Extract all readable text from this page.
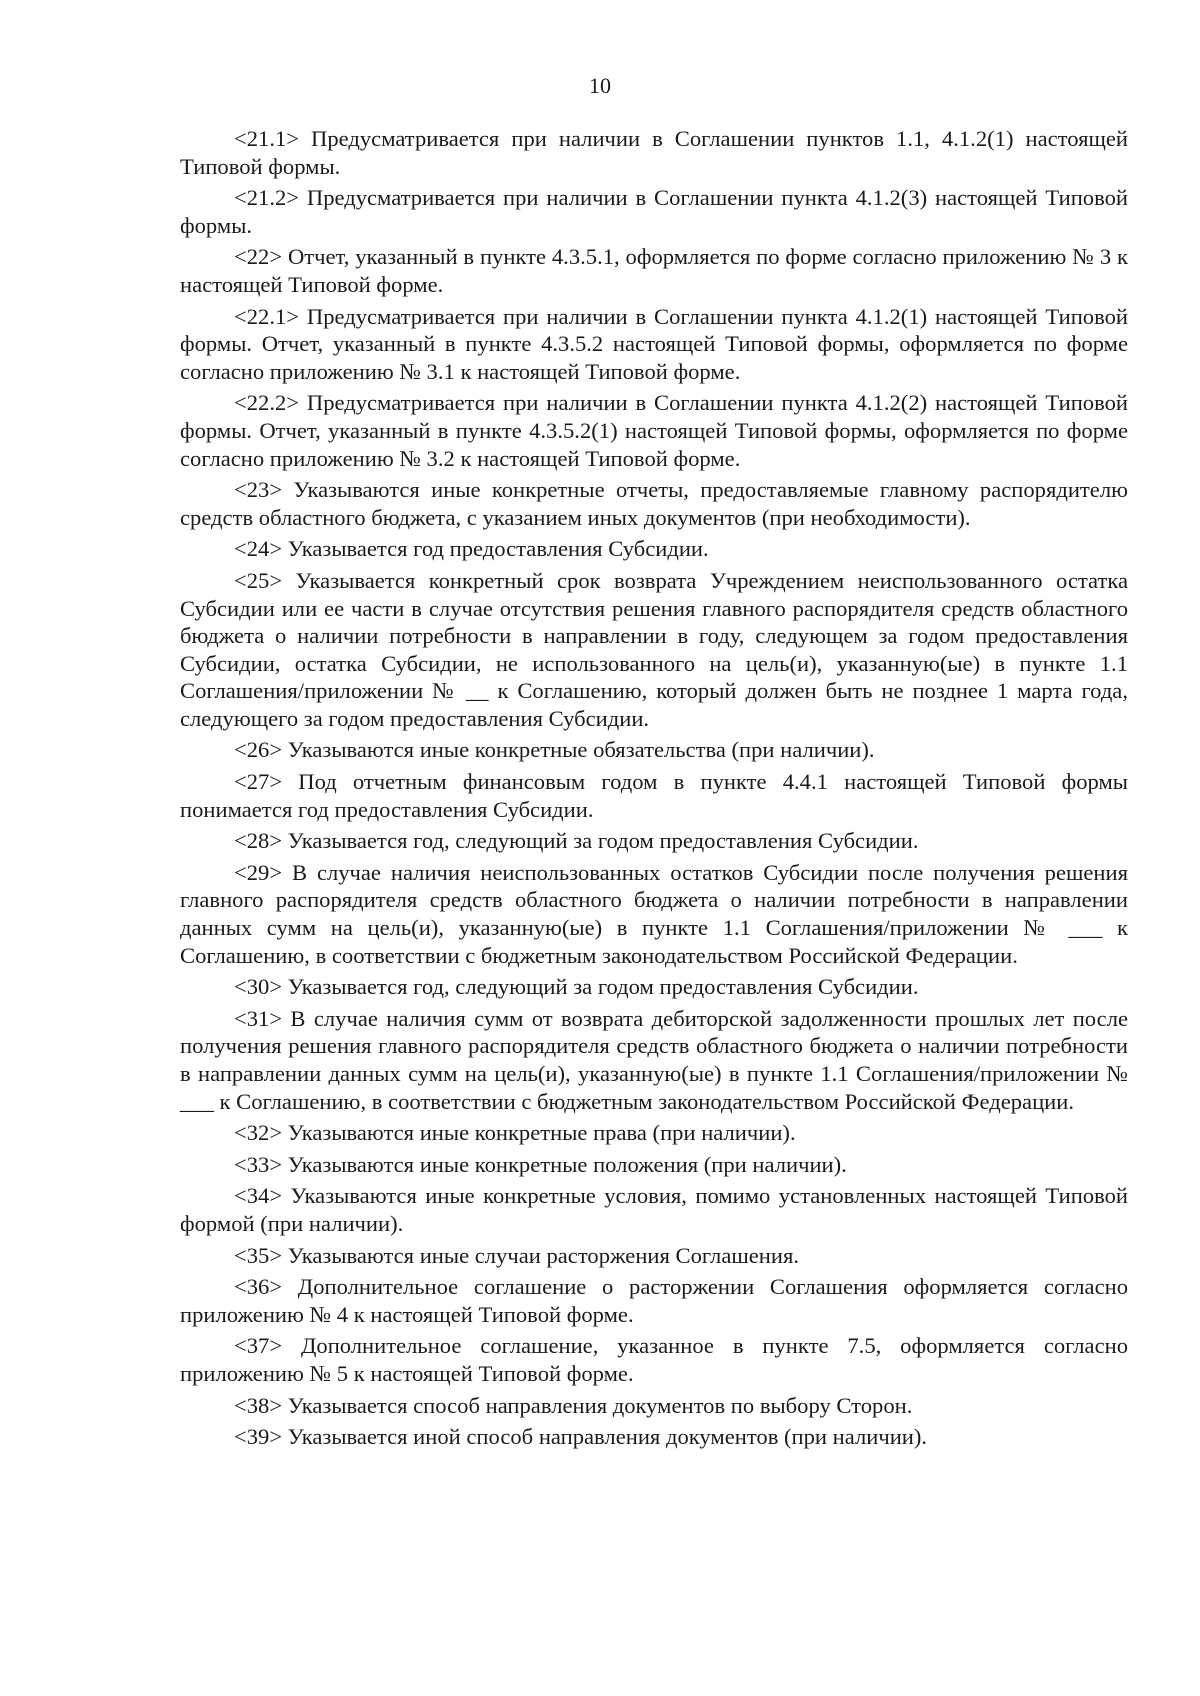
10

<21.1> Предусматривается при наличии в Соглашении пунктов 1.1, 4.1.2(1) настоящей Типовой формы.

<21.2> Предусматривается при наличии в Соглашении пункта 4.1.2(3) настоящей Типовой формы.

<22> Отчет, указанный в пункте 4.3.5.1, оформляется по форме согласно приложению № 3 к настоящей Типовой форме.

<22.1> Предусматривается при наличии в Соглашении пункта 4.1.2(1) настоящей Типовой формы. Отчет, указанный в пункте 4.3.5.2 настоящей Типовой формы, оформляется по форме согласно приложению № 3.1 к настоящей Типовой форме.

<22.2> Предусматривается при наличии в Соглашении пункта 4.1.2(2) настоящей Типовой формы. Отчет, указанный в пункте 4.3.5.2(1) настоящей Типовой формы, оформляется по форме согласно приложению № 3.2 к настоящей Типовой форме.

<23> Указываются иные конкретные отчеты, предоставляемые главному распорядителю средств областного бюджета, с указанием иных документов (при необходимости).

<24> Указывается год предоставления Субсидии.

<25> Указывается конкретный срок возврата Учреждением неиспользованного остатка Субсидии или ее части в случае отсутствия решения главного распорядителя средств областного бюджета о наличии потребности в направлении в году, следующем за годом предоставления Субсидии, остатка Субсидии, не использованного на цель(и), указанную(ые) в пункте 1.1 Соглашения/приложении № __ к Соглашению, который должен быть не позднее 1 марта года, следующего за годом предоставления Субсидии.

<26> Указываются иные конкретные обязательства (при наличии).

<27> Под отчетным финансовым годом в пункте 4.4.1 настоящей Типовой формы понимается год предоставления Субсидии.

<28> Указывается год, следующий за годом предоставления Субсидии.

<29> В случае наличия неиспользованных остатков Субсидии после получения решения главного распорядителя средств областного бюджета о наличии потребности в направлении данных сумм на цель(и), указанную(ые) в пункте 1.1 Соглашения/приложении № ___ к Соглашению, в соответствии с бюджетным законодательством Российской Федерации.

<30> Указывается год, следующий за годом предоставления Субсидии.

<31> В случае наличия сумм от возврата дебиторской задолженности прошлых лет после получения решения главного распорядителя средств областного бюджета о наличии потребности в направлении данных сумм на цель(и), указанную(ые) в пункте 1.1 Соглашения/приложении № ___ к Соглашению, в соответствии с бюджетным законодательством Российской Федерации.

<32> Указываются иные конкретные права (при наличии).

<33> Указываются иные конкретные положения (при наличии).

<34> Указываются иные конкретные условия, помимо установленных настоящей Типовой формой (при наличии).

<35> Указываются иные случаи расторжения Соглашения.

<36> Дополнительное соглашение о расторжении Соглашения оформляется согласно приложению № 4 к настоящей Типовой форме.

<37> Дополнительное соглашение, указанное в пункте 7.5, оформляется согласно приложению № 5 к настоящей Типовой форме.

<38> Указывается способ направления документов по выбору Сторон.

<39> Указывается иной способ направления документов (при наличии).
